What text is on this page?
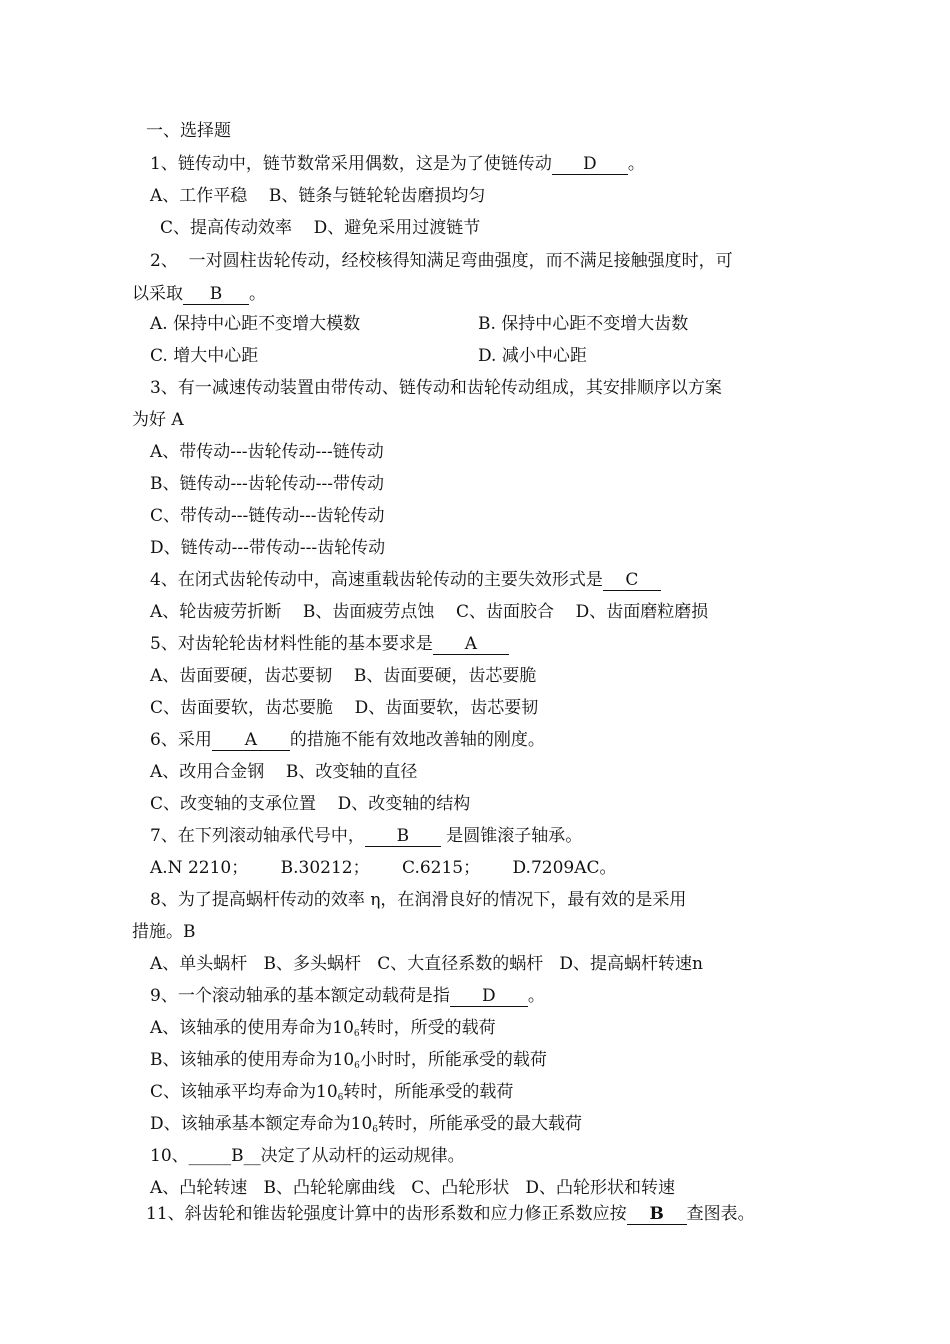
一、选择题
1、链传动中，链节数常采用偶数，这是为了使链传动 D 。
A、工作平稳    B、链条与链轮轮齿磨损均匀
C、提高传动效率    D、避免采用过渡链节
2、  一对圆柱齿轮传动，经校核得知满足弯曲强度，而不满足接触强度时，可
以采取 B 。
A. 保持中心距不变增大模数	B. 保持中心距不变增大齿数
C. 增大中心距	D. 减小中心距
3、有一减速传动装置由带传动、链传动和齿轮传动组成，其安排顺序以方案
为好 A
A、带传动---齿轮传动---链传动
B、链传动---齿轮传动---带传动
C、带传动---链传动---齿轮传动
D、链传动---带传动---齿轮传动
4、在闭式齿轮传动中，高速重载齿轮传动的主要失效形式是 C
A、轮齿疲劳折断    B、齿面疲劳点蚀    C、齿面胶合    D、齿面磨粒磨损
5、对齿轮轮齿材料性能的基本要求是 A
A、齿面要硬，齿芯要韧    B、齿面要硬，齿芯要脆
C、齿面要软，齿芯要脆    D、齿面要软，齿芯要韧
6、采用 A 的措施不能有效地改善轴的刚度。
A、改用合金钢    B、改变轴的直径
C、改变轴的支承位置    D、改变轴的结构
7、在下列滚动轴承代号中， B 是圆锥滚子轴承。
A.N 2210；      B.30212；      C.6215；      D.7209AC。
8、为了提高蜗杆传动的效率 η，在润滑良好的情况下，最有效的是采用
措施。B
A、单头蜗杆   B、多头蜗杆   C、大直径系数的蜗杆   D、提高蜗杆转速n
9、一个滚动轴承的基本额定动载荷是指 D 。
A、该轴承的使用寿命为106转时，所受的载荷
B、该轴承的使用寿命为106小时时，所能承受的载荷
C、该轴承平均寿命为106转时，所能承受的载荷
D、该轴承基本额定寿命为106转时，所能承受的最大载荷
10、_____B__决定了从动杆的运动规律。
A、凸轮转速   B、凸轮轮廓曲线   C、凸轮形状   D、凸轮形状和转速
11、斜齿轮和锥齿轮强度计算中的齿形系数和应力修正系数应按 B 查图表。
